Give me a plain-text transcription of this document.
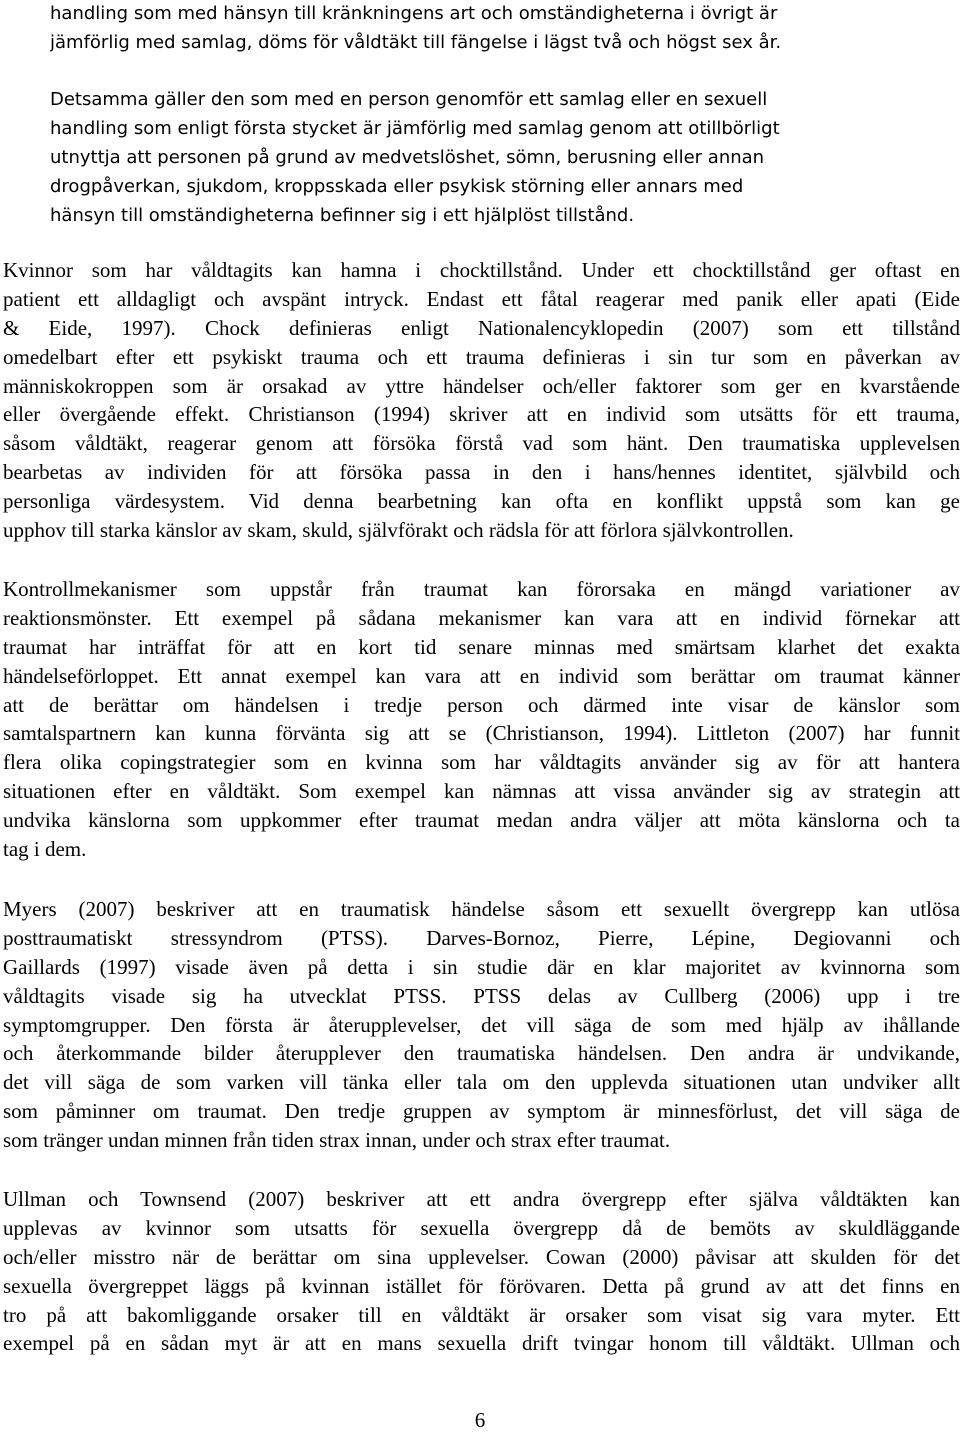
handling som med hänsyn till kränkningens art och omständigheterna i övrigt är
jämförlig med samlag, döms för våldtäkt till fängelse i lägst två och högst sex år.
Detsamma gäller den som med en person genomför ett samlag eller en sexuell
handling som enligt första stycket är jämförlig med samlag genom att otillbörligt
utnyttja att personen på grund av medvetslöshet, sömn, berusning eller annan
drogpåverkan, sjukdom, kroppsskada eller psykisk störning eller annars med
hänsyn till omständigheterna befinner sig i ett hjälplöst tillstånd.
Kvinnor som har våldtagits kan hamna i chocktillstånd. Under ett chocktillstånd ger oftast en
patient ett alldagligt och avspänt intryck. Endast ett fåtal reagerar med panik eller apati (Eide
& Eide, 1997). Chock definieras enligt Nationalencyklopedin (2007) som ett tillstånd
omedelbart efter ett psykiskt trauma och ett trauma definieras i sin tur som en påverkan av
människokroppen som är orsakad av yttre händelser och/eller faktorer som ger en kvarstående
eller övergående effekt. Christianson (1994) skriver att en individ som utsätts för ett trauma,
såsom våldtäkt, reagerar genom att försöka förstå vad som hänt. Den traumatiska upplevelsen
bearbetas av individen för att försöka passa in den i hans/hennes identitet, självbild och
personliga värdesystem. Vid denna bearbetning kan ofta en konflikt uppstå som kan ge
upphov till starka känslor av skam, skuld, självförakt och rädsla för att förlora självkontrollen.
Kontrollmekanismer som uppstår från traumat kan förorsaka en mängd variationer av
reaktionsmönster. Ett exempel på sådana mekanismer kan vara att en individ förnekar att
traumat har inträffat för att en kort tid senare minnas med smärtsam klarhet det exakta
händelseförloppet. Ett annat exempel kan vara att en individ som berättar om traumat känner
att de berättar om händelsen i tredje person och därmed inte visar de känslor som
samtalspartnern kan kunna förvänta sig att se (Christianson, 1994). Littleton (2007) har funnit
flera olika copingstrategier som en kvinna som har våldtagits använder sig av för att hantera
situationen efter en våldtäkt. Som exempel kan nämnas att vissa använder sig av strategin att
undvika känslorna som uppkommer efter traumat medan andra väljer att möta känslorna och ta
tag i dem.
Myers (2007) beskriver att en traumatisk händelse såsom ett sexuellt övergrepp kan utlösa
posttraumatiskt stressyndrom (PTSS). Darves-Bornoz, Pierre, Lépine, Degiovanni och
Gaillards (1997) visade även på detta i sin studie där en klar majoritet av kvinnorna som
våldtagits visade sig ha utvecklat PTSS. PTSS delas av Cullberg (2006) upp i tre
symptomgrupper. Den första är återupplevelser, det vill säga de som med hjälp av ihållande
och återkommande bilder återupplever den traumatiska händelsen. Den andra är undvikande,
det vill säga de som varken vill tänka eller tala om den upplevda situationen utan undviker allt
som påminner om traumat. Den tredje gruppen av symptom är minnesförlust, det vill säga de
som tränger undan minnen från tiden strax innan, under och strax efter traumat.
Ullman och Townsend (2007) beskriver att ett andra övergrepp efter själva våldtäkten kan
upplevas av kvinnor som utsatts för sexuella övergrepp då de bemöts av skuldläggande
och/eller misstro när de berättar om sina upplevelser. Cowan (2000) påvisar att skulden för det
sexuella övergreppet läggs på kvinnan istället för förövaren. Detta på grund av att det finns en
tro på att bakomliggande orsaker till en våldtäkt är orsaker som visat sig vara myter. Ett
exempel på en sådan myt är att en mans sexuella drift tvingar honom till våldtäkt. Ullman och
6
